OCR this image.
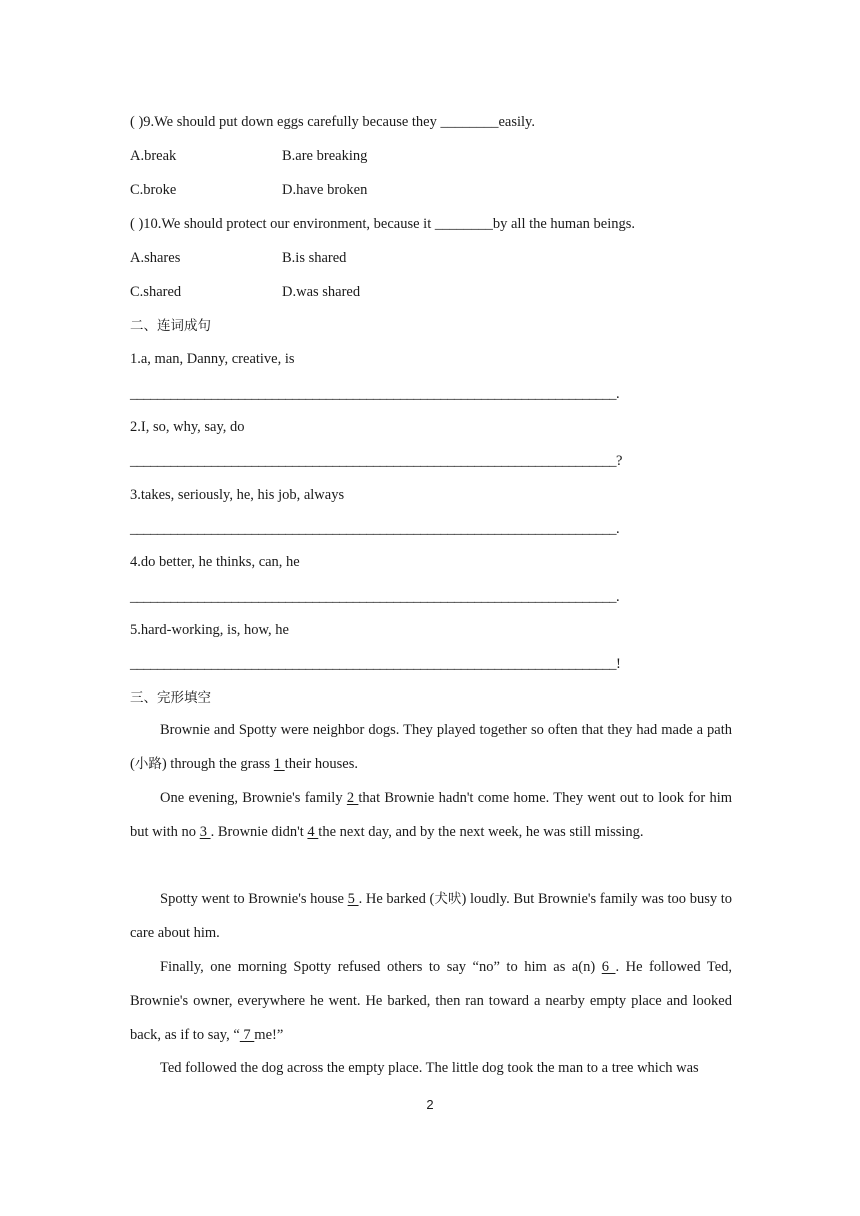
( )9.We should put down eggs carefully because they ________easily.
A.break	B.are breaking
C.broke	D.have broken
( )10.We should protect our environment, because it ________by all the human beings.
A.shares	B.is shared
C.shared	D.was shared
二、连词成句
1.a, man, Danny, creative, is
________________________________________________________________________.
2.I, so, why, say, do
________________________________________________________________________?
3.takes, seriously, he, his job, always
________________________________________________________________________.
4.do better, he thinks, can, he
________________________________________________________________________.
5.hard-working, is, how, he
________________________________________________________________________!
三、完形填空
Brownie and Spotty were neighbor dogs. They played together so often that they had made a path (小路) through the grass 1 their houses.
One evening, Brownie's family 2 that Brownie hadn't come home. They went out to look for him but with no 3 . Brownie didn't 4 the next day, and by the next week, he was still missing.
Spotty went to Brownie's house 5 . He barked (犬吠) loudly. But Brownie's family was too busy to care about him.
Finally, one morning Spotty refused others to say “no” to him as a(n) 6 . He followed Ted, Brownie's owner, everywhere he went. He barked, then ran toward a nearby empty place and looked back, as if to say, “ 7 me!”
Ted followed the dog across the empty place. The little dog took the man to a tree which was
2
